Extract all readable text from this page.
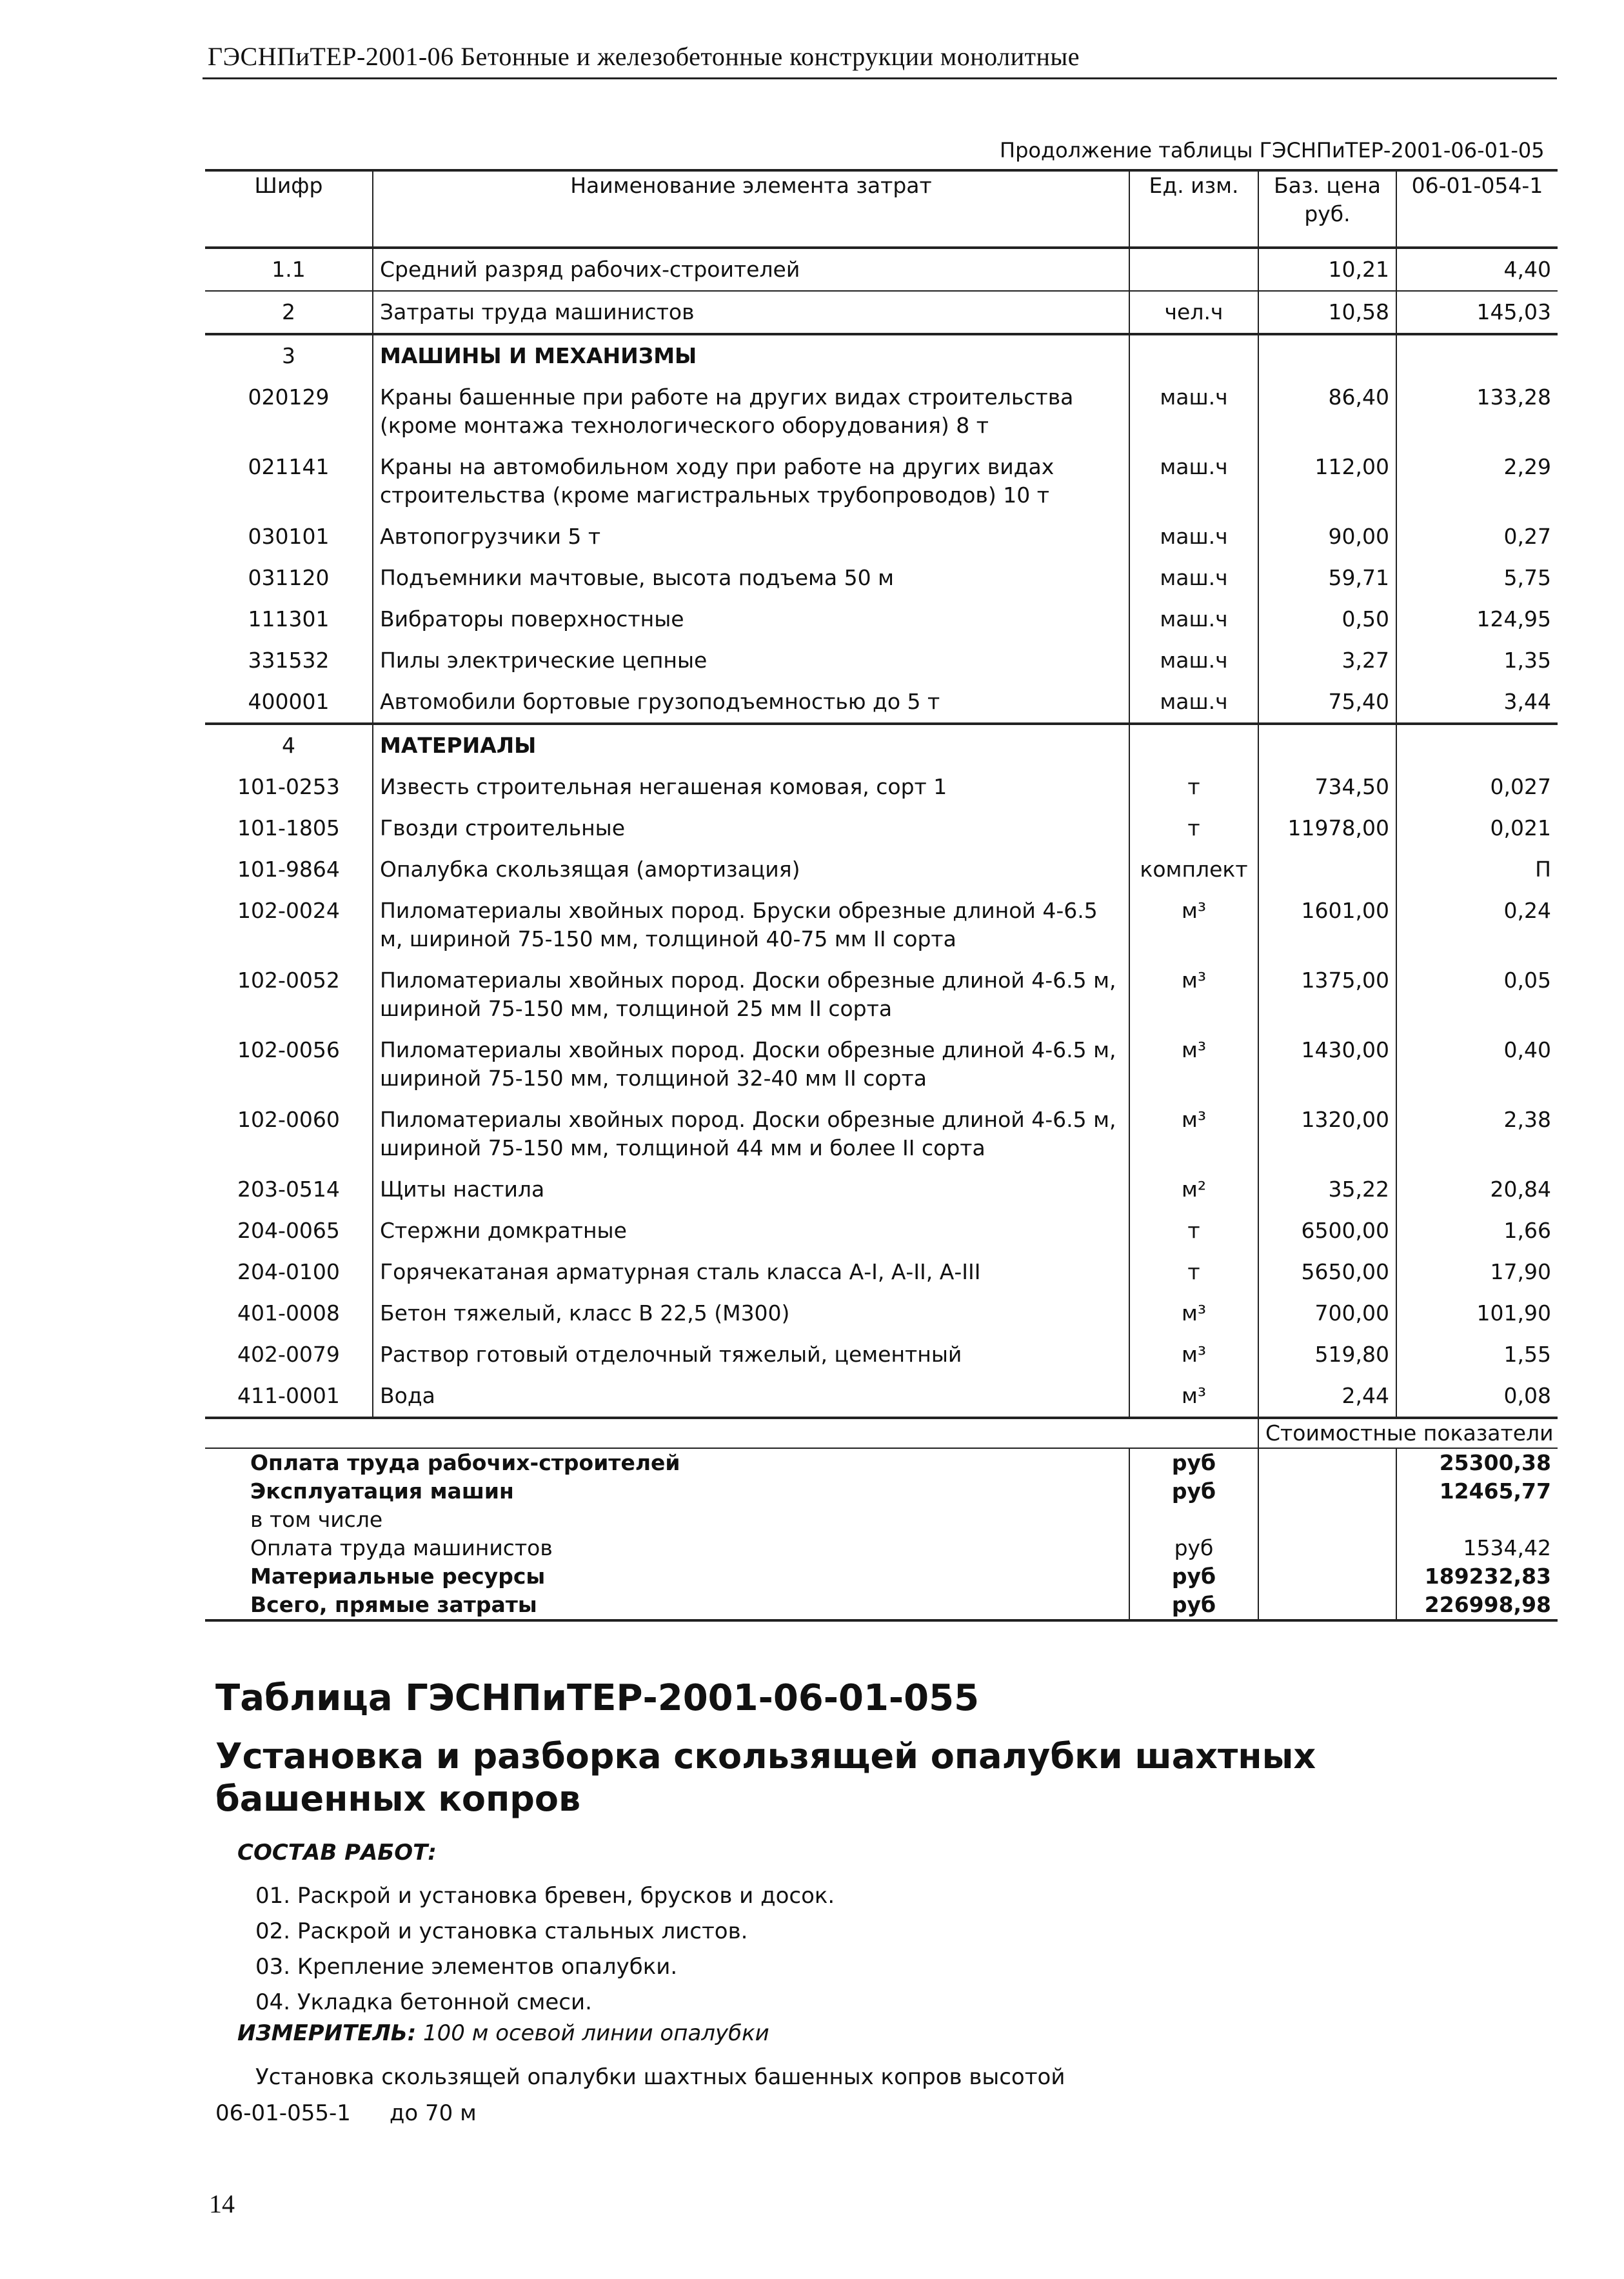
ГЭСНПиТЕР-2001-06 Бетонные и железобетонные конструкции монолитные
Продолжение таблицы ГЭСНПиТЕР-2001-06-01-05
Шифр	Наименование элемента затрат	Ед. изм.	Баз. цена руб.	06-01-054-1
1.1	Средний разряд рабочих-строителей		10,21	4,40
2	Затраты труда машинистов	чел.ч	10,58	145,03
3	МАШИНЫ И МЕХАНИЗМЫ			
020129	Краны башенные при работе на других видах строительства (кроме монтажа технологического оборудования) 8 т	маш.ч	86,40	133,28
021141	Краны на автомобильном ходу при работе на других видах строительства (кроме магистральных трубопроводов) 10 т	маш.ч	112,00	2,29
030101	Автопогрузчики 5 т	маш.ч	90,00	0,27
031120	Подъемники мачтовые, высота подъема 50 м	маш.ч	59,71	5,75
111301	Вибраторы поверхностные	маш.ч	0,50	124,95
331532	Пилы электрические цепные	маш.ч	3,27	1,35
400001	Автомобили бортовые грузоподъемностью до 5 т	маш.ч	75,40	3,44
4	МАТЕРИАЛЫ			
101-0253	Известь строительная негашеная комовая, сорт 1	т	734,50	0,027
101-1805	Гвозди строительные	т	11978,00	0,021
101-9864	Опалубка скользящая (амортизация)	комплект		П
102-0024	Пиломатериалы хвойных пород. Бруски обрезные длиной 4-6.5 м, шириной 75-150 мм, толщиной 40-75 мм II сорта	м³	1601,00	0,24
102-0052	Пиломатериалы хвойных пород. Доски обрезные длиной 4-6.5 м, шириной 75-150 мм, толщиной 25 мм II сорта	м³	1375,00	0,05
102-0056	Пиломатериалы хвойных пород. Доски обрезные длиной 4-6.5 м, шириной 75-150 мм, толщиной 32-40 мм II сорта	м³	1430,00	0,40
102-0060	Пиломатериалы хвойных пород. Доски обрезные длиной 4-6.5 м, шириной 75-150 мм, толщиной 44 мм и более II сорта	м³	1320,00	2,38
203-0514	Щиты настила	м²	35,22	20,84
204-0065	Стержни домкратные	т	6500,00	1,66
204-0100	Горячекатаная арматурная сталь класса А-I, А-II, А-III	т	5650,00	17,90
401-0008	Бетон тяжелый, класс В 22,5 (М300)	м³	700,00	101,90
402-0079	Раствор готовый отделочный тяжелый, цементный	м³	519,80	1,55
411-0001	Вода	м³	2,44	0,08
			Стоимостные показатели	
Оплата труда рабочих-строителей		руб		25300,38
Эксплуатация машин		руб		12465,77
в том числе				
Оплата труда машинистов		руб		1534,42
Материальные ресурсы		руб		189232,83
Всего, прямые затраты		руб		226998,98
Таблица ГЭСНПиТЕР-2001-06-01-055
Установка и разборка скользящей опалубки шахтных башенных копров
СОСТАВ РАБОТ:
01. Раскрой и установка бревен, брусков и досок.
02. Раскрой и установка стальных листов.
03. Крепление элементов опалубки.
04. Укладка бетонной смеси.
ИЗМЕРИТЕЛЬ: 100 м осевой линии опалубки
Установка скользящей опалубки шахтных башенных копров высотой
06-01-055-1 до 70 м
14
